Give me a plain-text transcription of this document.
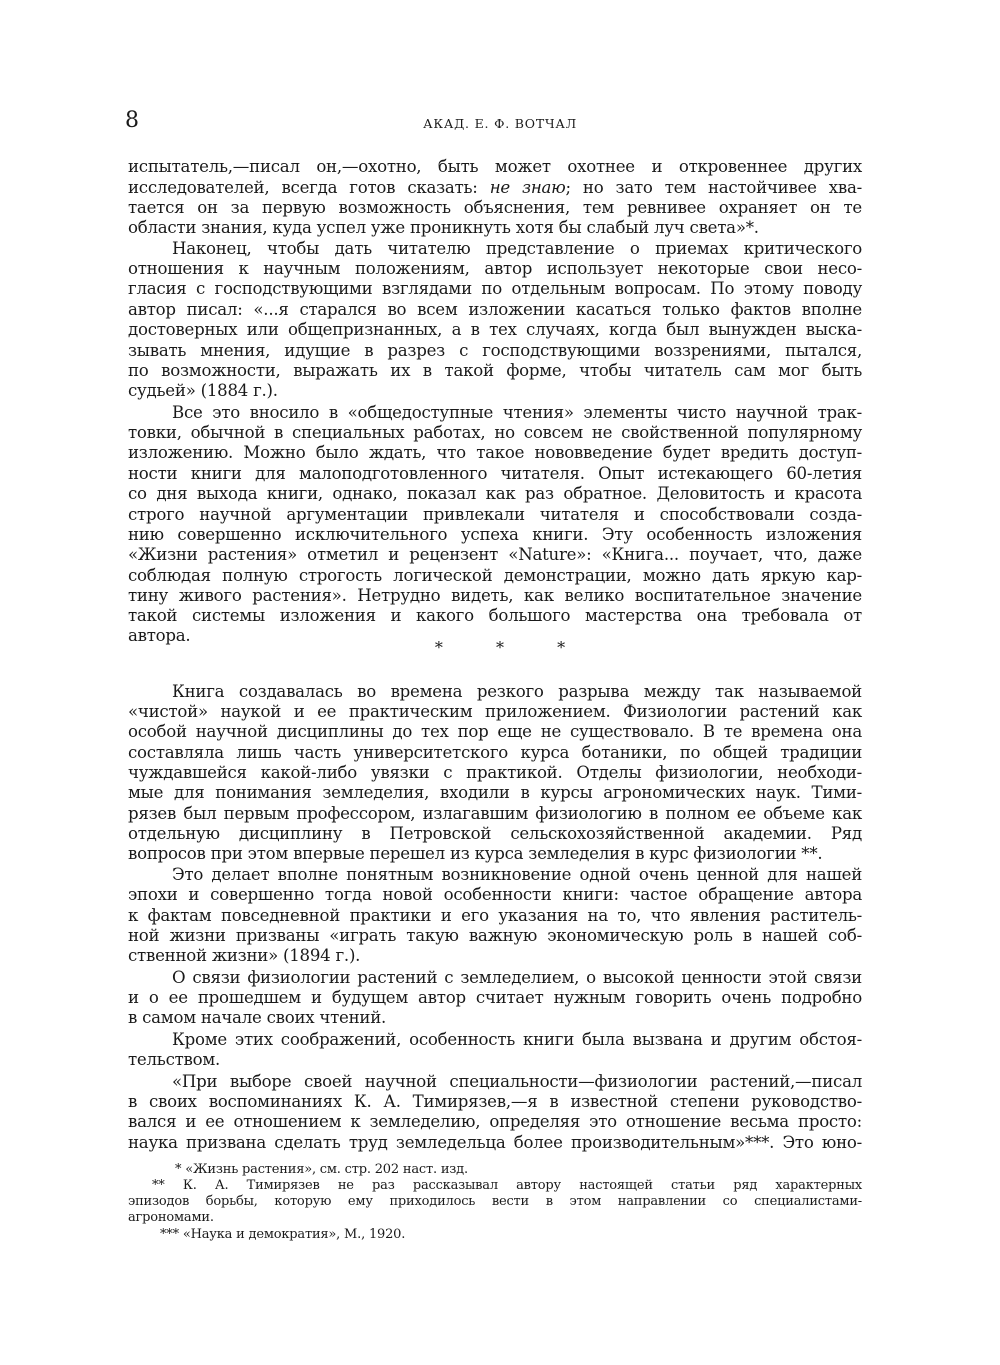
8	АКАД. Е. Ф. ВОТЧАЛ
испытатель,—писал он,—охотно, быть может охотнее и откровеннее других
исследователей, всегда готов сказать: не знаю; но зато тем настойчивее хва-
тается он за первую возможность объяснения, тем ревнивее охраняет он те
области знания, куда успел уже проникнуть хотя бы слабый луч света»*.
Наконец, чтобы дать читателю представление о приемах критического
отношения к научным положениям, автор использует некоторые свои несо-
гласия с господствующими взглядами по отдельным вопросам. По этому поводу
автор писал: «...я старался во всем изложении касаться только фактов вполне
достоверных или общепризнанных, а в тех случаях, когда был вынужден выска-
зывать мнения, идущие в разрез с господствующими воззрениями, пытался,
по возможности, выражать их в такой форме, чтобы читатель сам мог быть
судьей» (1884 г.).
Все это вносило в «общедоступные чтения» элементы чисто научной трак-
товки, обычной в специальных работах, но совсем не свойственной популярному
изложению. Можно было ждать, что такое нововведение будет вредить доступ-
ности книги для малоподготовленного читателя. Опыт истекающего 60-летия
со дня выхода книги, однако, показал как раз обратное. Деловитость и красота
строго научной аргументации привлекали читателя и способствовали созда-
нию совершенно исключительного успеха книги. Эту особенность изложения
«Жизни растения» отметил и рецензент «Nature»: «Книга... поучает, что, даже
соблюдая полную строгость логической демонстрации, можно дать яркую кар-
тину живого растения». Нетрудно видеть, как велико воспитательное значение
такой системы изложения и какого большого мастерства она требовала от
автора.
* * *
Книга создавалась во времена резкого разрыва между так называемой
«чистой» наукой и ее практическим приложением. Физиологии растений как
особой научной дисциплины до тех пор еще не существовало. В те времена она
составляла лишь часть университетского курса ботаники, по общей традиции
чуждавшейся какой-либо увязки с практикой. Отделы физиологии, необходи-
мые для понимания земледелия, входили в курсы агрономических наук. Тими-
рязев был первым профессором, излагавшим физиологию в полном ее объеме как
отдельную дисциплину в Петровской сельскохозяйственной академии. Ряд
вопросов при этом впервые перешел из курса земледелия в курс физиологии **.
Это делает вполне понятным возникновение одной очень ценной для нашей
эпохи и совершенно тогда новой особенности книги: частое обращение автора
к фактам повседневной практики и его указания на то, что явления раститель-
ной жизни призваны «играть такую важную экономическую роль в нашей соб-
ственной жизни» (1894 г.).
О связи физиологии растений с земледелием, о высокой ценности этой связи
и о ее прошедшем и будущем автор считает нужным говорить очень подробно
в самом начале своих чтений.
Кроме этих соображений, особенность книги была вызвана и другим обстоя-
тельством.
«При выборе своей научной специальности—физиологии растений,—писал
в своих воспоминаниях К. А. Тимирязев,—я в известной степени руководство-
вался и ее отношением к земледелию, определяя это отношение весьма просто:
наука призвана сделать труд земледельца более производительным»***. Это юно-
* «Жизнь растения», см. стр. 202 наст. изд.
** К. А. Тимирязев не раз рассказывал автору настоящей статьи ряд характерных
эпизодов борьбы, которую ему приходилось вести в этом направлении со специалистами-
агрономами.
*** «Наука и демократия», М., 1920.
